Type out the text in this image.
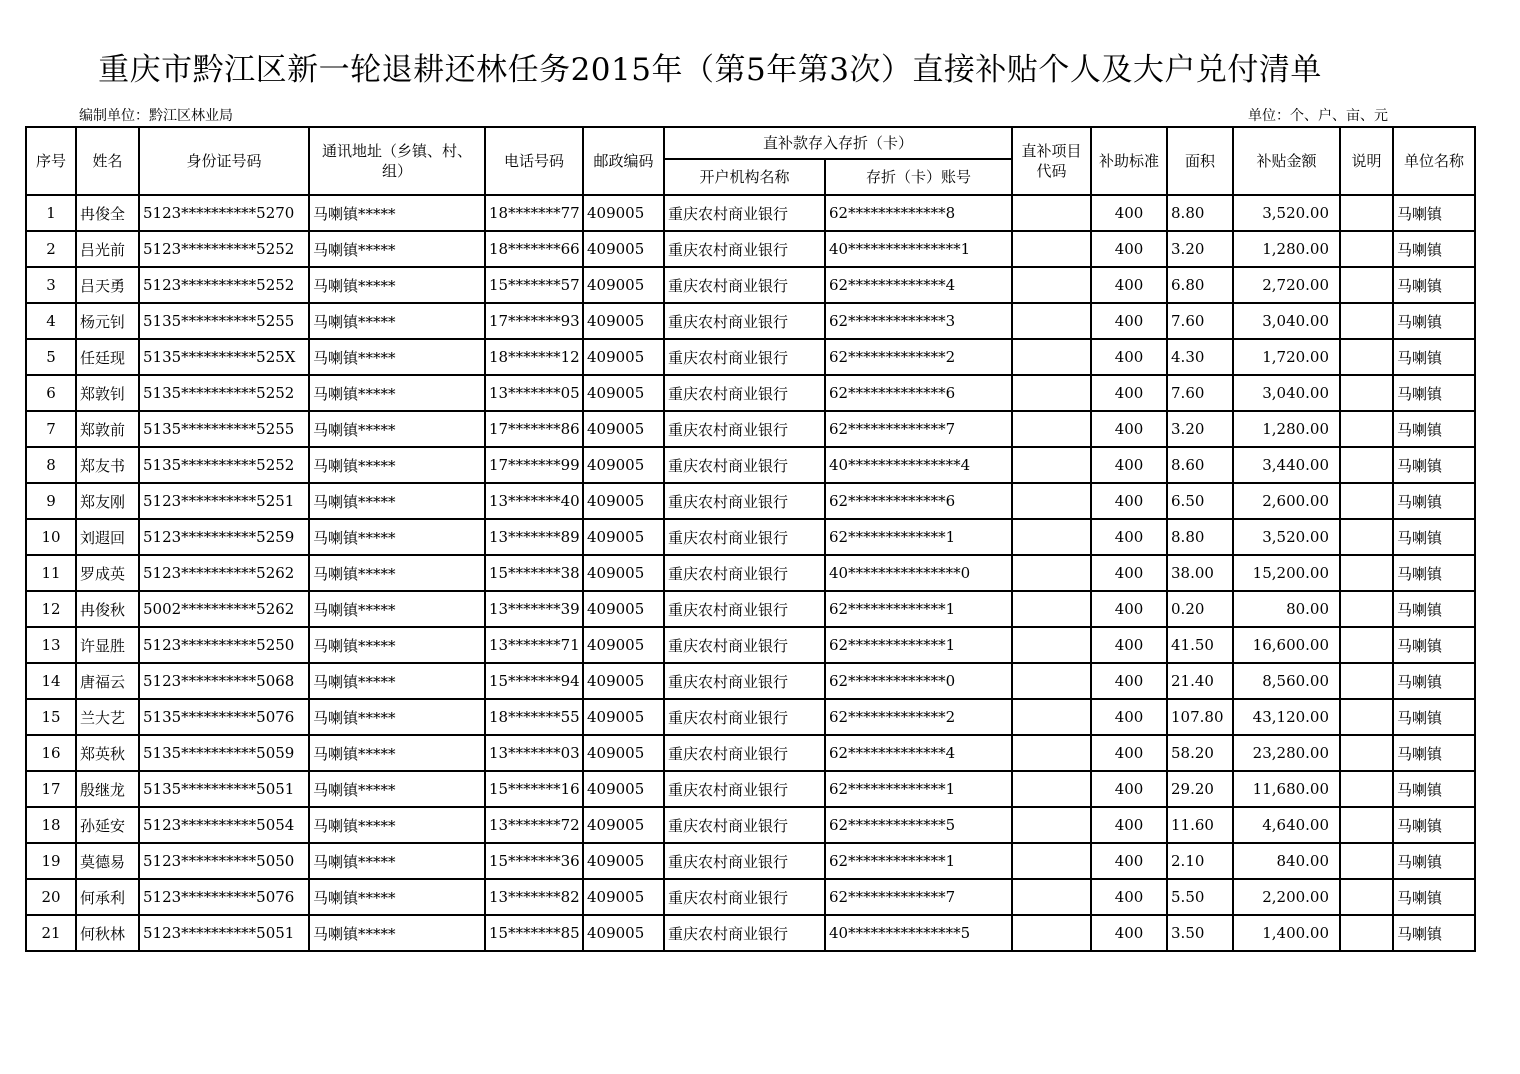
重庆市黔江区新一轮退耕还林任务2015年（第5年第3次）直接补贴个人及大户兑付清单
编制单位：黔江区林业局	单位：个、户、亩、元
序号	姓名	身份证号码	通讯地址（乡镇、村、组）	电话号码	邮政编码	直补款存入存折（卡）		直补项目代码	补助标准	面积	补贴金额	说明	单位名称
						开户机构名称	存折（卡）账号						
1	冉俊全	5123**********5270	马喇镇*****	18*******77	409005	重庆农村商业银行	62*************8		400	8.80	3,520.00		马喇镇
2	吕光前	5123**********5252	马喇镇*****	18*******66	409005	重庆农村商业银行	40***************1		400	3.20	1,280.00		马喇镇
3	吕天勇	5123**********5252	马喇镇*****	15*******57	409005	重庆农村商业银行	62*************4		400	6.80	2,720.00		马喇镇
4	杨元钊	5135**********5255	马喇镇*****	17*******93	409005	重庆农村商业银行	62*************3		400	7.60	3,040.00		马喇镇
5	任廷现	5135**********525X	马喇镇*****	18*******12	409005	重庆农村商业银行	62*************2		400	4.30	1,720.00		马喇镇
6	郑敦钊	5135**********5252	马喇镇*****	13*******05	409005	重庆农村商业银行	62*************6		400	7.60	3,040.00		马喇镇
7	郑敦前	5135**********5255	马喇镇*****	17*******86	409005	重庆农村商业银行	62*************7		400	3.20	1,280.00		马喇镇
8	郑友书	5135**********5252	马喇镇*****	17*******99	409005	重庆农村商业银行	40***************4		400	8.60	3,440.00		马喇镇
9	郑友刚	5123**********5251	马喇镇*****	13*******40	409005	重庆农村商业银行	62*************6		400	6.50	2,600.00		马喇镇
10	刘遐回	5123**********5259	马喇镇*****	13*******89	409005	重庆农村商业银行	62*************1		400	8.80	3,520.00		马喇镇
11	罗成英	5123**********5262	马喇镇*****	15*******38	409005	重庆农村商业银行	40***************0		400	38.00	15,200.00		马喇镇
12	冉俊秋	5002**********5262	马喇镇*****	13*******39	409005	重庆农村商业银行	62*************1		400	0.20	80.00		马喇镇
13	许显胜	5123**********5250	马喇镇*****	13*******71	409005	重庆农村商业银行	62*************1		400	41.50	16,600.00		马喇镇
14	唐福云	5123**********5068	马喇镇*****	15*******94	409005	重庆农村商业银行	62*************0		400	21.40	8,560.00		马喇镇
15	兰大艺	5135**********5076	马喇镇*****	18*******55	409005	重庆农村商业银行	62*************2		400	107.80	43,120.00		马喇镇
16	郑英秋	5135**********5059	马喇镇*****	13*******03	409005	重庆农村商业银行	62*************4		400	58.20	23,280.00		马喇镇
17	殷继龙	5135**********5051	马喇镇*****	15*******16	409005	重庆农村商业银行	62*************1		400	29.20	11,680.00		马喇镇
18	孙延安	5123**********5054	马喇镇*****	13*******72	409005	重庆农村商业银行	62*************5		400	11.60	4,640.00		马喇镇
19	莫德易	5123**********5050	马喇镇*****	15*******36	409005	重庆农村商业银行	62*************1		400	2.10	840.00		马喇镇
20	何承利	5123**********5076	马喇镇*****	13*******82	409005	重庆农村商业银行	62*************7		400	5.50	2,200.00		马喇镇
21	何秋林	5123**********5051	马喇镇*****	15*******85	409005	重庆农村商业银行	40***************5		400	3.50	1,400.00		马喇镇
